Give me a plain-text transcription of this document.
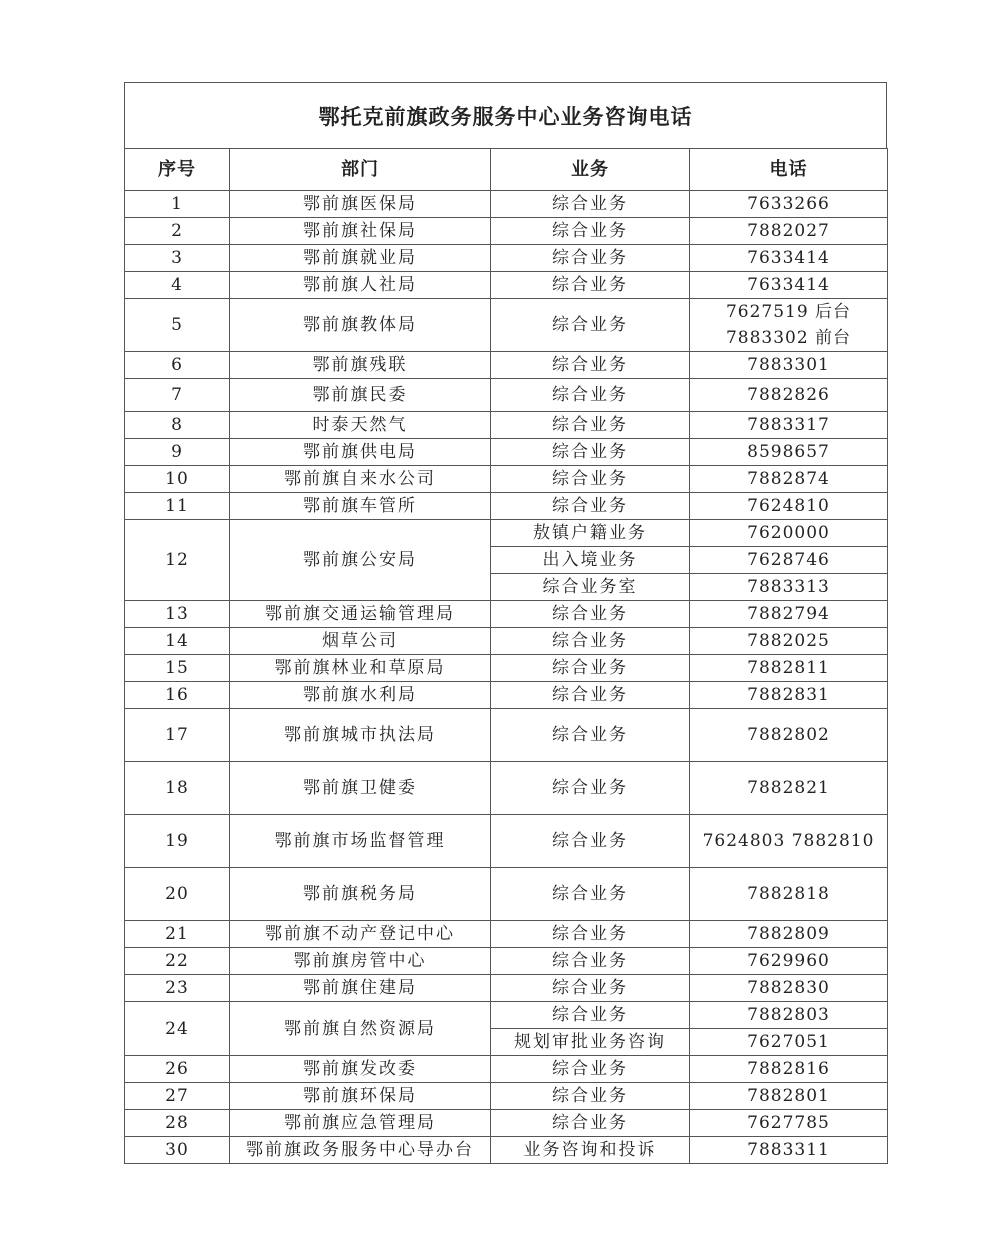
鄂托克前旗政务服务中心业务咨询电话
序号	部门	业务	电话
1	鄂前旗医保局	综合业务	7633266

2	鄂前旗社保局	综合业务	7882027

3	鄂前旗就业局	综合业务	7633414

4	鄂前旗人社局	综合业务	7633414

5	鄂前旗教体局	综合业务	7627519 后台
7883302 前台

6	鄂前旗残联	综合业务	7883301

7	鄂前旗民委	综合业务	7882826

8	时泰天然气	综合业务	7883317

9	鄂前旗供电局	综合业务	8598657

10	鄂前旗自来水公司	综合业务	7882874

11	鄂前旗车管所	综合业务	7624810

12	鄂前旗公安局	敖镇户籍业务	7620000
		出入境业务	7628746
		综合业务室	7883313
13	鄂前旗交通运输管理局	综合业务	7882794

14	烟草公司	综合业务	7882025

15	鄂前旗林业和草原局	综合业务	7882811

16	鄂前旗水利局	综合业务	7882831

17	鄂前旗城市执法局	综合业务	7882802

18	鄂前旗卫健委	综合业务	7882821

19	鄂前旗市场监督管理	综合业务	7624803 7882810

20	鄂前旗税务局	综合业务	7882818

21	鄂前旗不动产登记中心	综合业务	7882809

22	鄂前旗房管中心	综合业务	7629960

23	鄂前旗住建局	综合业务	7882830

24	鄂前旗自然资源局	综合业务	7882803
		规划审批业务咨询	7627051
26	鄂前旗发改委	综合业务	7882816

27	鄂前旗环保局	综合业务	7882801

28	鄂前旗应急管理局	综合业务	7627785

30	鄂前旗政务服务中心导办台	业务咨询和投诉	7883311
